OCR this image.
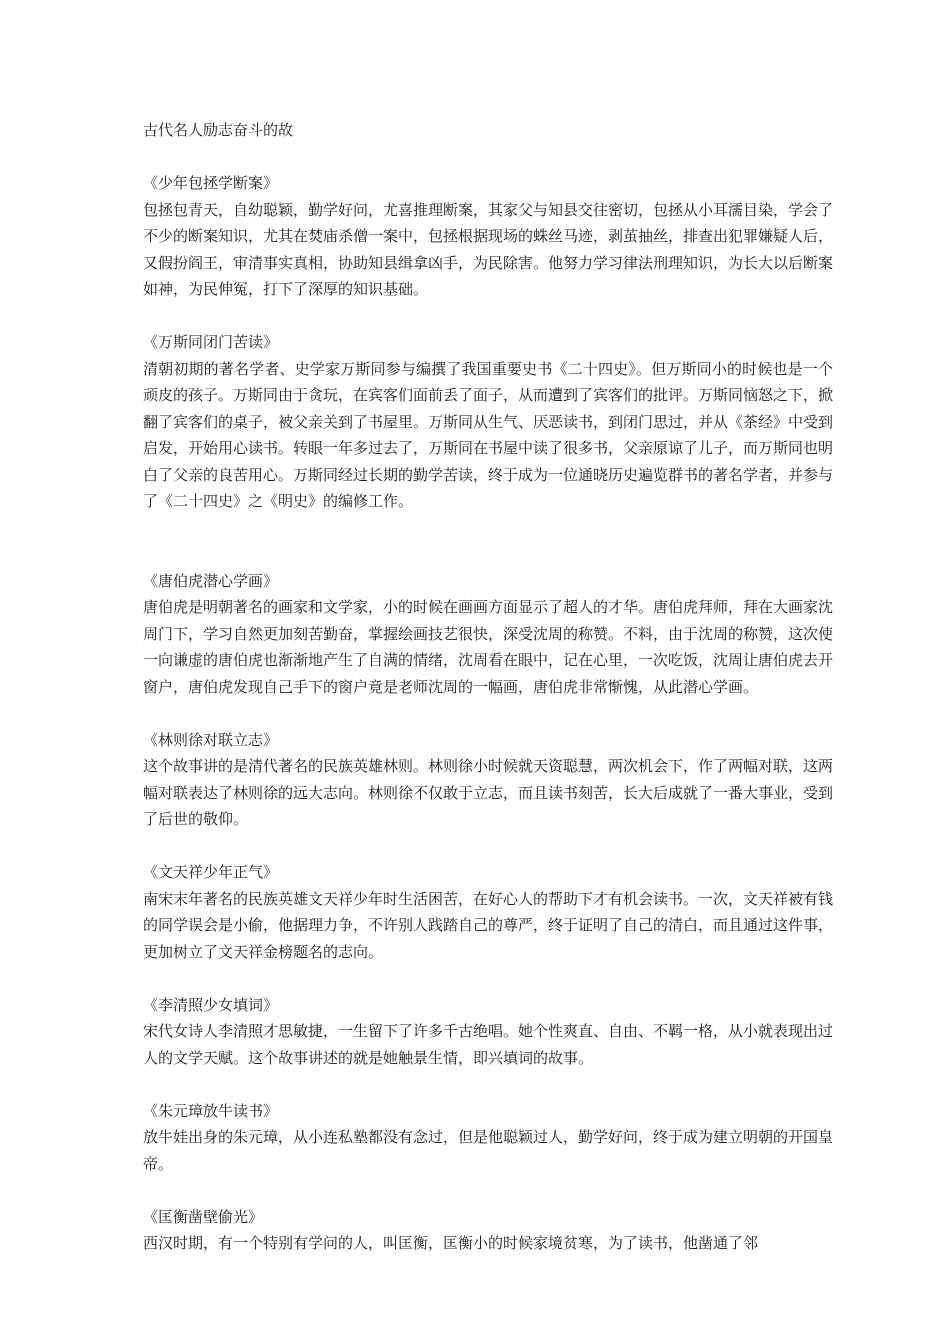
古代名人励志奋斗的故
《少年包拯学断案》
包拯包青天，自幼聪颖，勤学好问，尤喜推理断案，其家父与知县交往密切，包拯从小耳濡目染，学会了不少的断案知识，尤其在焚庙杀僧一案中，包拯根据现场的蛛丝马迹，剥茧抽丝，排查出犯罪嫌疑人后，又假扮阎王，审清事实真相，协助知县缉拿凶手，为民除害。他努力学习律法刑理知识，为长大以后断案如神，为民伸冤，打下了深厚的知识基础。
《万斯同闭门苦读》
清朝初期的著名学者、史学家万斯同参与编撰了我国重要史书《二十四史》。但万斯同小的时候也是一个顽皮的孩子。万斯同由于贪玩，在宾客们面前丢了面子，从而遭到了宾客们的批评。万斯同恼怒之下，掀翻了宾客们的桌子，被父亲关到了书屋里。万斯同从生气、厌恶读书，到闭门思过，并从《茶经》中受到启发，开始用心读书。转眼一年多过去了，万斯同在书屋中读了很多书，父亲原谅了儿子，而万斯同也明白了父亲的良苦用心。万斯同经过长期的勤学苦读，终于成为一位通晓历史遍览群书的著名学者，并参与了《二十四史》之《明史》的编修工作。
《唐伯虎潜心学画》
唐伯虎是明朝著名的画家和文学家，小的时候在画画方面显示了超人的才华。唐伯虎拜师，拜在大画家沈周门下，学习自然更加刻苦勤奋，掌握绘画技艺很快，深受沈周的称赞。不料，由于沈周的称赞，这次使一向谦虚的唐伯虎也渐渐地产生了自满的情绪，沈周看在眼中，记在心里，一次吃饭，沈周让唐伯虎去开窗户，唐伯虎发现自己手下的窗户竟是老师沈周的一幅画，唐伯虎非常惭愧，从此潜心学画。
《林则徐对联立志》
这个故事讲的是清代著名的民族英雄林则。林则徐小时候就天资聪慧，两次机会下，作了两幅对联，这两幅对联表达了林则徐的远大志向。林则徐不仅敢于立志，而且读书刻苦，长大后成就了一番大事业，受到了后世的敬仰。
《文天祥少年正气》
南宋末年著名的民族英雄文天祥少年时生活困苦，在好心人的帮助下才有机会读书。一次，文天祥被有钱的同学误会是小偷，他据理力争，不许别人践踏自己的尊严，终于证明了自己的清白，而且通过这件事，更加树立了文天祥金榜题名的志向。
《李清照少女填词》
宋代女诗人李清照才思敏捷，一生留下了许多千古绝唱。她个性爽直、自由、不羁一格，从小就表现出过人的文学天赋。这个故事讲述的就是她触景生情，即兴填词的故事。
《朱元璋放牛读书》
放牛娃出身的朱元璋，从小连私塾都没有念过，但是他聪颖过人，勤学好问，终于成为建立明朝的开国皇帝。
《匡衡凿壁偷光》
西汉时期，有一个特别有学问的人，叫匡衡，匡衡小的时候家境贫寒，为了读书，他凿通了邻
